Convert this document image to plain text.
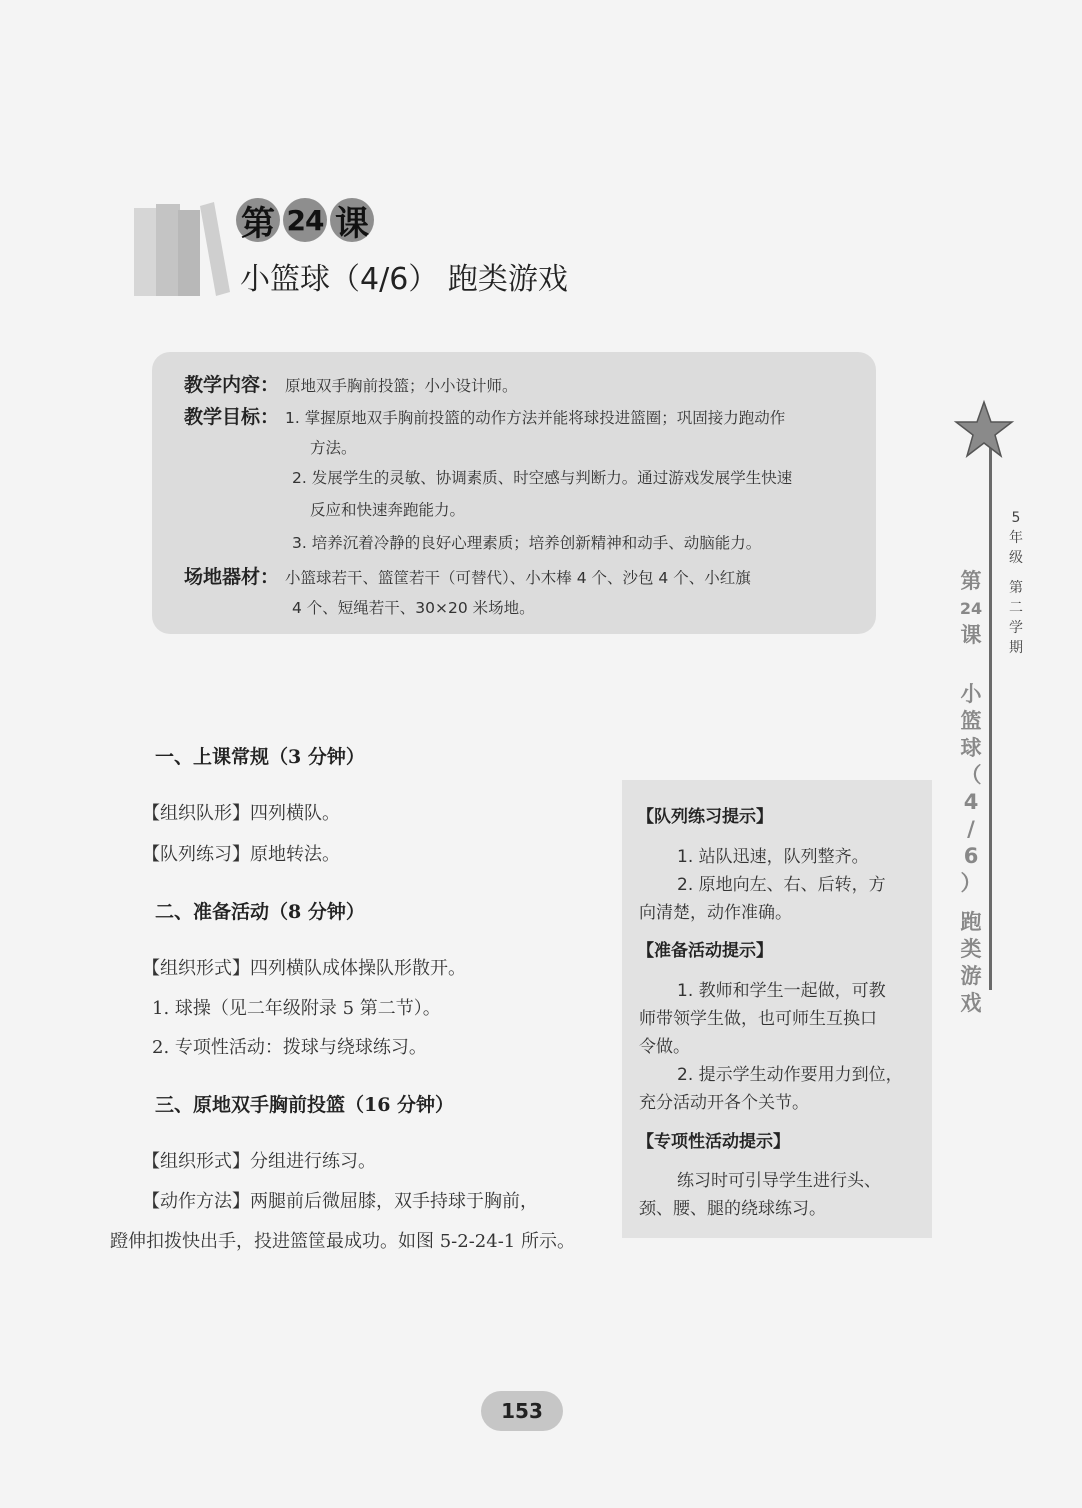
第 24 课
小篮球（4/6） 跑类游戏
教学内容： 原地双手胸前投篮；小小设计师。
教学目标： 1. 掌握原地双手胸前投篮的动作方法并能将球投进篮圈；巩固接力跑动作
方法。
2. 发展学生的灵敏、协调素质、时空感与判断力。通过游戏发展学生快速
反应和快速奔跑能力。
3. 培养沉着冷静的良好心理素质；培养创新精神和动手、动脑能力。
场地器材： 小篮球若干、篮筐若干（可替代）、小木棒 4 个、沙包 4 个、小红旗
4 个、短绳若干、30×20 米场地。
一、上课常规（3 分钟）
【组织队形】四列横队。
【队列练习】原地转法。
二、准备活动（8 分钟）
【组织形式】四列横队成体操队形散开。
1. 球操（见二年级附录 5 第二节）。
2. 专项性活动：拨球与绕球练习。
三、原地双手胸前投篮（16 分钟）
【组织形式】分组进行练习。
【动作方法】两腿前后微屈膝，双手持球于胸前，
蹬伸扣拨快出手，投进篮筐最成功。如图 5-2-24-1 所示。
【队列练习提示】
1. 站队迅速，队列整齐。
2. 原地向左、右、后转，方
向清楚，动作准确。
【准备活动提示】
1. 教师和学生一起做，可教
师带领学生做，也可师生互换口
令做。
2. 提示学生动作要用力到位，
充分活动开各个关节。
【专项性活动提示】
练习时可引导学生进行头、
颈、腰、腿的绕球练习。
5
年
级
第
二
学
期
第
24
课
小
篮
球
（
4
/
6
）
跑
类
游
戏
153
